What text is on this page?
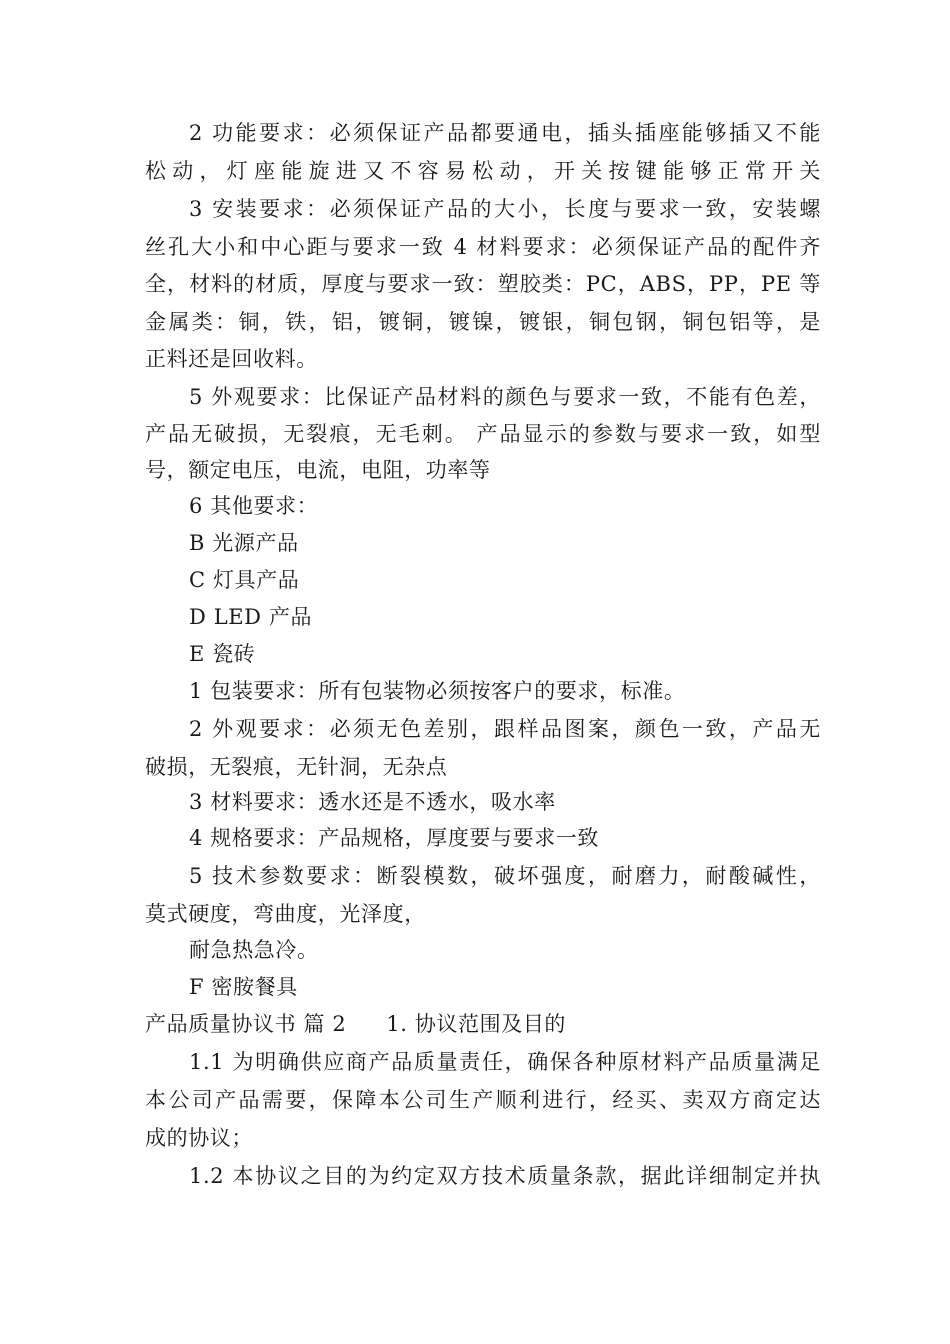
2 功能要求：必须保证产品都要通电，插头插座能够插又不能
松动，灯座能旋进又不容易松动，开关按键能够正常开关
3 安装要求：必须保证产品的大小，长度与要求一致，安装螺
丝孔大小和中心距与要求一致 4 材料要求：必须保证产品的配件齐
全，材料的材质，厚度与要求一致：塑胶类：PC，ABS，PP，PE 等
金属类：铜，铁，铝，镀铜，镀镍，镀银，铜包钢，铜包铝等，是
正料还是回收料。
5 外观要求：比保证产品材料的颜色与要求一致，不能有色差，
产品无破损，无裂痕，无毛刺。 产品显示的参数与要求一致，如型
号，额定电压，电流，电阻，功率等
6 其他要求：
B 光源产品
C 灯具产品
D LED 产品
E 瓷砖
1 包装要求：所有包装物必须按客户的要求，标准。
2 外观要求：必须无色差别，跟样品图案，颜色一致，产品无
破损，无裂痕，无针洞，无杂点
3 材料要求：透水还是不透水，吸水率
4 规格要求：产品规格，厚度要与要求一致
5 技术参数要求：断裂模数，破坏强度，耐磨力，耐酸碱性，
莫式硬度，弯曲度，光泽度，
耐急热急冷。
F 密胺餐具
产品质量协议书 篇 2 1. 协议范围及目的
1.1 为明确供应商产品质量责任，确保各种原材料产品质量满足
本公司产品需要，保障本公司生产顺利进行，经买、卖双方商定达
成的协议；
1.2 本协议之目的为约定双方技术质量条款，据此详细制定并执
